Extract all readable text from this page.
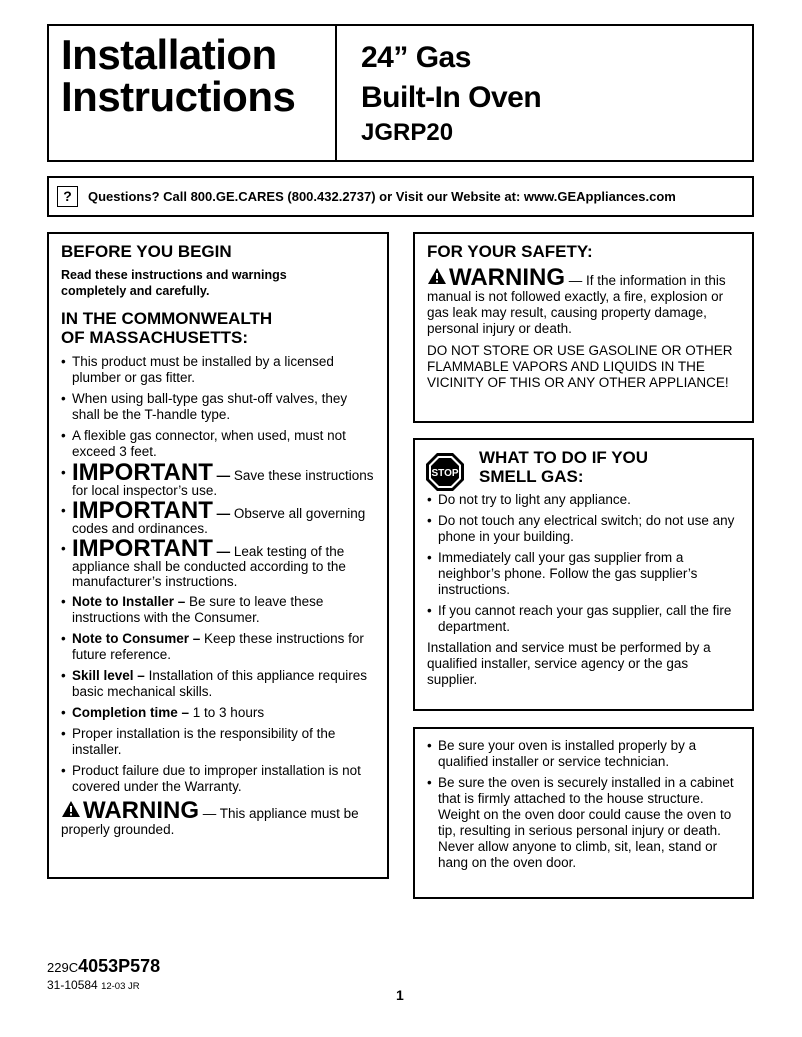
Installation
Instructions
24” Gas
Built-In Oven
JGRP20
?	Questions? Call 800.GE.CARES (800.432.2737) or Visit our Website at: www.GEAppliances.com
BEFORE YOU BEGIN
Read these instructions and warnings
completely and carefully.
IN THE COMMONWEALTH
OF MASSACHUSETTS:
• This product must be installed by a licensed plumber or gas fitter.
• When using ball-type gas shut-off valves, they shall be the T-handle type.
• A flexible gas connector, when used, must not exceed 3 feet.
• IMPORTANT — Save these instructions for local inspector’s use.
• IMPORTANT — Observe all governing codes and ordinances.
• IMPORTANT — Leak testing of the appliance shall be conducted according to the manufacturer’s instructions.
• Note to Installer – Be sure to leave these instructions with the Consumer.
• Note to Consumer – Keep these instructions for future reference.
• Skill level – Installation of this appliance requires basic mechanical skills.
• Completion time – 1 to 3 hours
• Proper installation is the responsibility of the installer.
• Product failure due to improper installation is not covered under the Warranty.
WARNING — This appliance must be properly grounded.
FOR YOUR SAFETY:
WARNING — If the information in this manual is not followed exactly, a fire, explosion or gas leak may result, causing property damage, personal injury or death.
DO NOT STORE OR USE GASOLINE OR OTHER FLAMMABLE VAPORS AND LIQUIDS IN THE VICINITY OF THIS OR ANY OTHER APPLIANCE!
WHAT TO DO IF YOU
SMELL GAS:
• Do not try to light any appliance.
• Do not touch any electrical switch; do not use any phone in your building.
• Immediately call your gas supplier from a neighbor’s phone. Follow the gas supplier’s instructions.
• If you cannot reach your gas supplier, call the fire department.
Installation and service must be performed by a qualified installer, service agency or the gas supplier.
STOP
• Be sure your oven is installed properly by a qualified installer or service technician.
• Be sure the oven is securely installed in a cabinet that is firmly attached to the house structure. Weight on the oven door could cause the oven to tip, resulting in serious personal injury or death. Never allow anyone to climb, sit, lean, stand or hang on the oven door.
229C4053P578
31-10584 12-03 JR
1
